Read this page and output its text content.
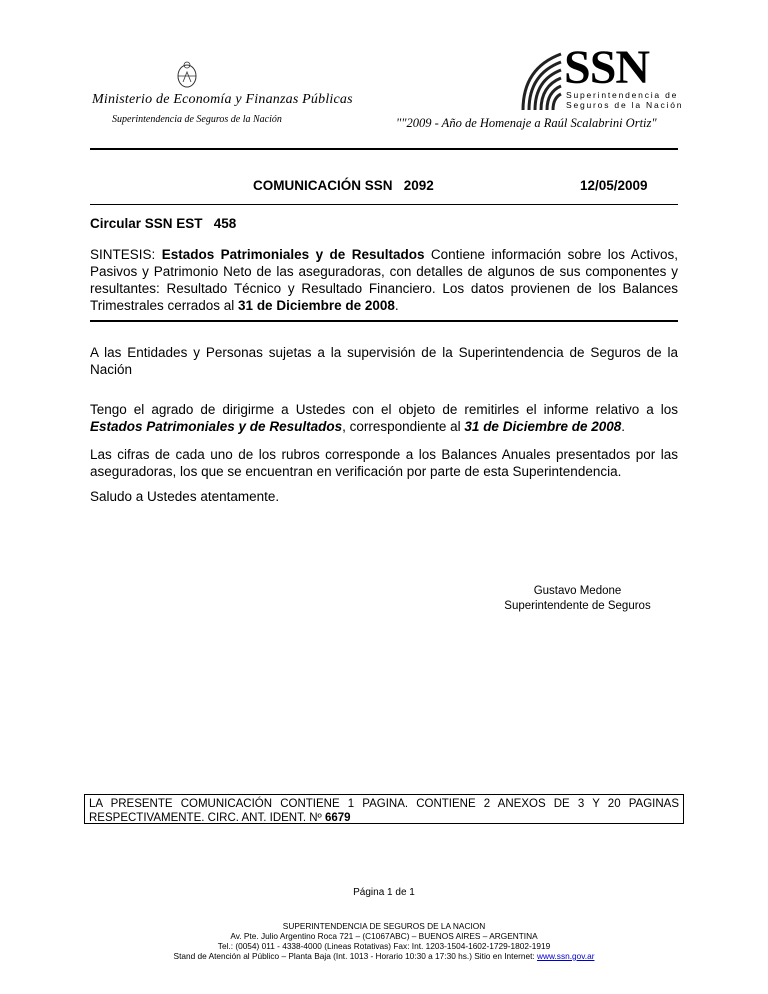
Ministerio de Economía y Finanzas Públicas
Superintendencia de Seguros de la Nación
SSN
Superintendencia de
Seguros de la Nación
""2009 - Año de Homenaje a Raúl Scalabrini Ortiz"
COMUNICACIÓN SSN   2092	12/05/2009
Circular SSN EST   458
SINTESIS: Estados Patrimoniales y de Resultados Contiene información sobre los Activos, Pasivos y Patrimonio Neto de las aseguradoras, con detalles de algunos de sus componentes y resultantes: Resultado Técnico y Resultado Financiero. Los datos provienen de los Balances Trimestrales cerrados al 31 de Diciembre de 2008.
A las Entidades y Personas sujetas a la supervisión de la Superintendencia de Seguros de la Nación
Tengo el agrado de dirigirme a Ustedes con el objeto de remitirles el informe relativo a los Estados Patrimoniales y de Resultados, correspondiente al 31 de Diciembre de 2008.
Las cifras de cada uno de los rubros corresponde a los Balances Anuales presentados por las aseguradoras, los que se encuentran en verificación por parte de esta Superintendencia.
Saludo a Ustedes atentamente.
Gustavo Medone
Superintendente de Seguros
LA PRESENTE COMUNICACIÓN CONTIENE 1 PAGINA. CONTIENE 2 ANEXOS DE 3 Y 20 PAGINAS RESPECTIVAMENTE. CIRC. ANT. IDENT. Nº 6679
Página 1 de 1
SUPERINTENDENCIA DE SEGUROS DE LA NACION
Av. Pte. Julio Argentino Roca 721 – (C1067ABC) – BUENOS AIRES – ARGENTINA
Tel.: (0054) 011 - 4338-4000 (Lineas Rotativas) Fax: Int. 1203-1504-1602-1729-1802-1919
Stand de Atención al Público – Planta Baja (Int. 1013 - Horario 10:30 a 17:30 hs.) Sitio en Internet: www.ssn.gov.ar
